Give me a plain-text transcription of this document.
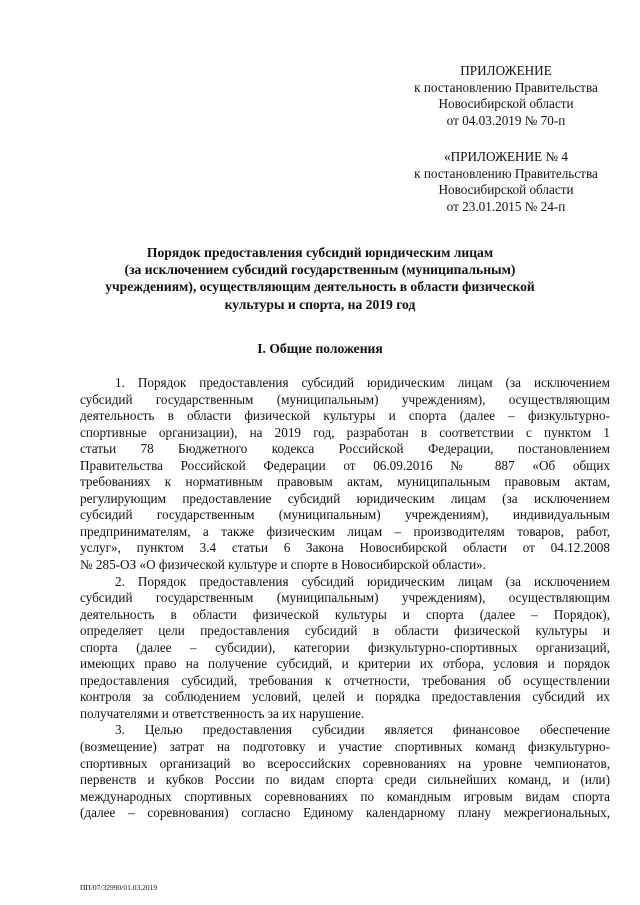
ПРИЛОЖЕНИЕ
к постановлению Правительства
Новосибирской области
от 04.03.2019 № 70-п
«ПРИЛОЖЕНИЕ № 4
к постановлению Правительства
Новосибирской области
от 23.01.2015 № 24-п
Порядок предоставления субсидий юридическим лицам
(за исключением субсидий государственным (муниципальным)
учреждениям), осуществляющим деятельность в области физической
культуры и спорта, на 2019 год
I. Общие положения
1. Порядок предоставления субсидий юридическим лицам (за исключением
субсидий государственным (муниципальным) учреждениям), осуществляющим
деятельность в области физической культуры и спорта (далее – физкультурно-
спортивные организации), на 2019 год, разработан в соответствии с пунктом 1
статьи 78 Бюджетного кодекса Российской Федерации, постановлением
Правительства Российской Федерации от 06.09.2016 № 887 «Об общих
требованиях к нормативным правовым актам, муниципальным правовым актам,
регулирующим предоставление субсидий юридическим лицам (за исключением
субсидий государственным (муниципальным) учреждениям), индивидуальным
предпринимателям, а также физическим лицам – производителям товаров, работ,
услуг», пунктом 3.4 статьи 6 Закона Новосибирской области от 04.12.2008
№ 285-ОЗ «О физической культуре и спорте в Новосибирской области».
2. Порядок предоставления субсидий юридическим лицам (за исключением
субсидий государственным (муниципальным) учреждениям), осуществляющим
деятельность в области физической культуры и спорта (далее – Порядок),
определяет цели предоставления субсидий в области физической культуры и
спорта (далее – субсидии), категории физкультурно-спортивных организаций,
имеющих право на получение субсидий, и критерии их отбора, условия и порядок
предоставления субсидий, требования к отчетности, требования об осуществлении
контроля за соблюдением условий, целей и порядка предоставления субсидий их
получателями и ответственность за их нарушение.
3. Целью предоставления субсидии является финансовое обеспечение
(возмещение) затрат на подготовку и участие спортивных команд физкультурно-
спортивных организаций во всероссийских соревнованиях на уровне чемпионатов,
первенств и кубков России по видам спорта среди сильнейших команд, и (или)
международных спортивных соревнованиях по командным игровым видам спорта
(далее – соревнования) согласно Единому календарному плану межрегиональных,
ПП/07/32990/01.03.2019
